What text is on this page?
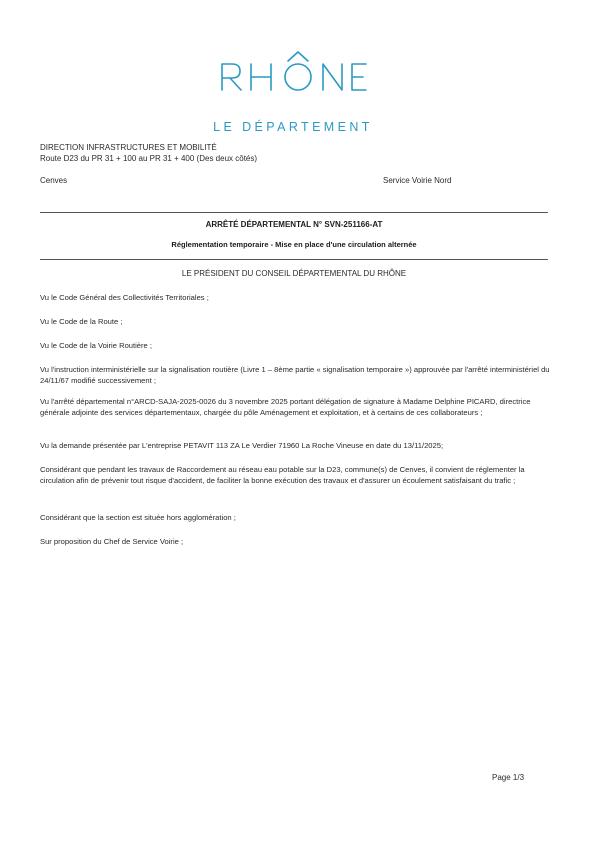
LE DÉPARTEMENT
DIRECTION INFRASTRUCTURES ET MOBILITÉ
Route D23 du PR 31 + 100 au PR 31 + 400 (Des deux côtés)
Cenves	Service Voirie Nord
ARRÊTÉ DÉPARTEMENTAL N° SVN-251166-AT
Réglementation temporaire - Mise en place d'une circulation alternée
LE PRÉSIDENT DU CONSEIL DÉPARTEMENTAL DU RHÔNE

Vu le Code Général des Collectivités Territoriales ;

Vu le Code de la Route ;

Vu le Code de la Voirie Routière ;

Vu l'instruction interministérielle sur la signalisation routière (Livre 1 – 8ème partie « signalisation temporaire ») approuvée par l'arrêté interministériel du 24/11/67 modifié successivement ;

Vu l'arrêté départemental n°ARCD-SAJA-2025-0026 du 3 novembre 2025 portant délégation de signature à Madame Delphine PICARD, directrice générale adjointe des services départementaux, chargée du pôle Aménagement et exploitation, et à certains de ces collaborateurs ;

Vu la demande présentée par L'entreprise PETAVIT 113 ZA Le Verdier 71960 La Roche Vineuse en date du 13/11/2025;

Considérant que pendant les travaux de Raccordement au réseau eau potable sur la D23, commune(s) de Cenves, il convient de réglementer la circulation afin de prévenir tout risque d'accident, de faciliter la bonne exécution des travaux et d'assurer un écoulement satisfaisant du trafic ;

Considérant que la section est située hors agglomération ;

Sur proposition du Chef de Service Voirie ;

Page 1/3
